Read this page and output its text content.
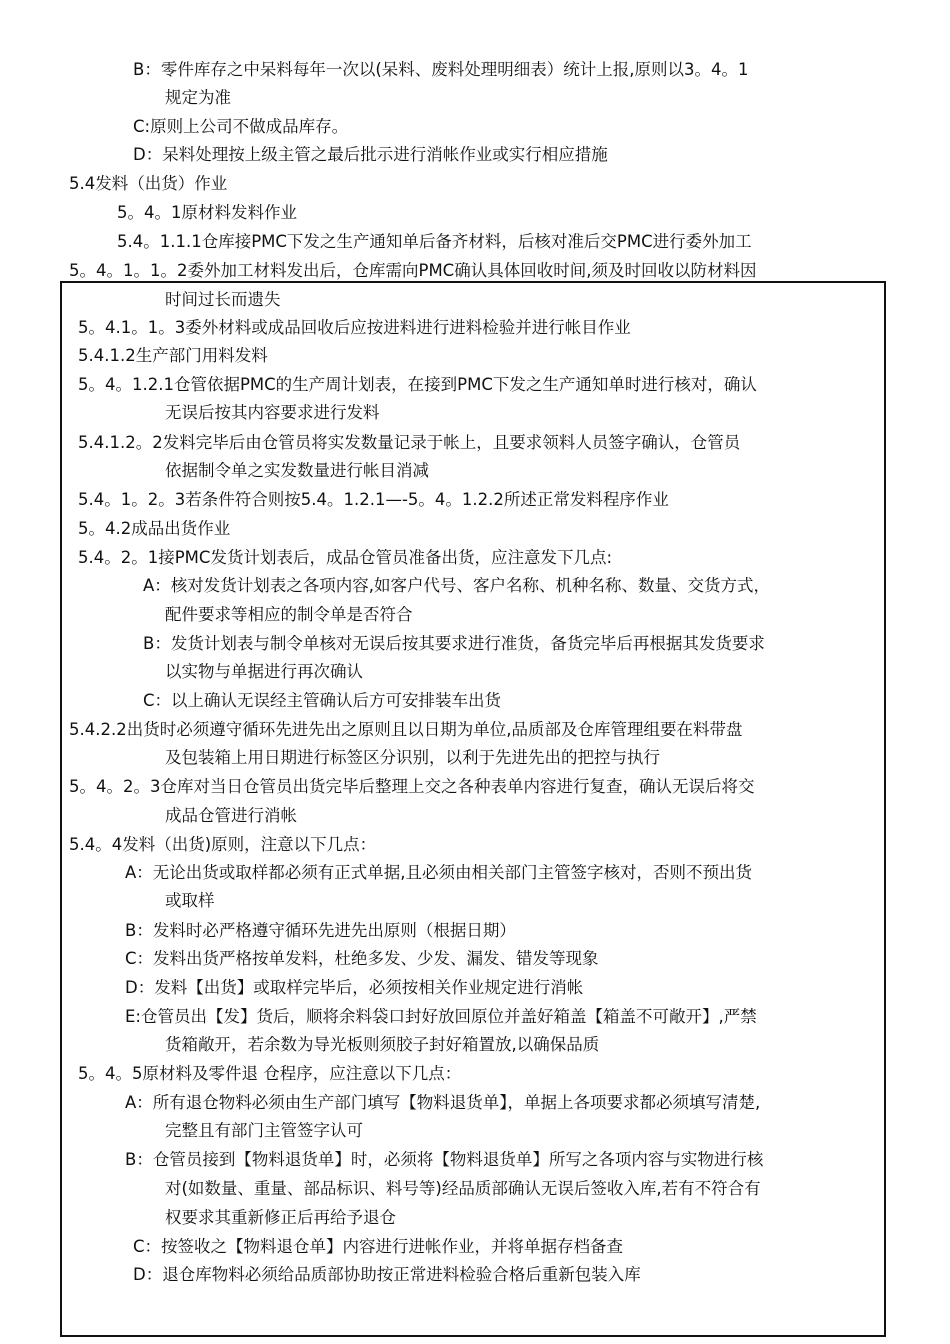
B：零件库存之中呆料每年一次以(呆料、废料处理明细表）统计上报,原则以3。4。1
规定为准
C:原则上公司不做成品库存。
D：呆料处理按上级主管之最后批示进行消帐作业或实行相应措施
5.4发料（出货）作业
5。4。1原材料发料作业
5.4。1.1.1仓库接PMC下发之生产通知单后备齐材料，后核对准后交PMC进行委外加工
5。4。1。1。2委外加工材料发出后，仓库需向PMC确认具体回收时间,须及时回收以防材料因
时间过长而遗失
5。4.1。1。3委外材料或成品回收后应按进料进行进料检验并进行帐目作业
5.4.1.2生产部门用料发料
5。4。1.2.1仓管依据PMC的生产周计划表，在接到PMC下发之生产通知单时进行核对，确认
无误后按其内容要求进行发料
5.4.1.2。2发料完毕后由仓管员将实发数量记录于帐上，且要求领料人员签字确认，仓管员
依据制令单之实发数量进行帐目消减
5.4。1。2。3若条件符合则按5.4。1.2.1—-5。4。1.2.2所述正常发料程序作业
5。4.2成品出货作业
5.4。2。1接PMC发货计划表后，成品仓管员准备出货，应注意发下几点:
A：核对发货计划表之各项内容,如客户代号、客户名称、机种名称、数量、交货方式，
配件要求等相应的制令单是否符合
B：发货计划表与制令单核对无误后按其要求进行准货，备货完毕后再根据其发货要求
以实物与单据进行再次确认
C：以上确认无误经主管确认后方可安排装车出货
5.4.2.2出货时必须遵守循环先进先出之原则且以日期为单位,品质部及仓库管理组要在料带盘
及包装箱上用日期进行标签区分识别，以利于先进先出的把控与执行
5。4。2。3仓库对当日仓管员出货完毕后整理上交之各种表单内容进行复查，确认无误后将交
成品仓管进行消帐
5.4。4发料（出货)原则，注意以下几点：
A：无论出货或取样都必须有正式单据,且必须由相关部门主管签字核对，否则不预出货
或取样
B：发料时必严格遵守循环先进先出原则（根据日期）
C：发料出货严格按单发料，杜绝多发、少发、漏发、错发等现象
D：发料【出货】或取样完毕后，必须按相关作业规定进行消帐
E:仓管员出【发】货后，顺将余料袋口封好放回原位并盖好箱盖【箱盖不可敞开】,严禁
货箱敞开，若余数为导光板则须胶子封好箱置放,以确保品质
5。4。5原材料及零件退 仓程序，应注意以下几点：
A：所有退仓物料必须由生产部门填写【物料退货单】，单据上各项要求都必须填写清楚,
完整且有部门主管签字认可
B：仓管员接到【物料退货单】时，必须将【物料退货单】所写之各项内容与实物进行核
对(如数量、重量、部品标识、料号等)经品质部确认无误后签收入库,若有不符合有
权要求其重新修正后再给予退仓
C：按签收之【物料退仓单】内容进行进帐作业，并将单据存档备查
D：退仓库物料必须给品质部协助按正常进料检验合格后重新包装入库
